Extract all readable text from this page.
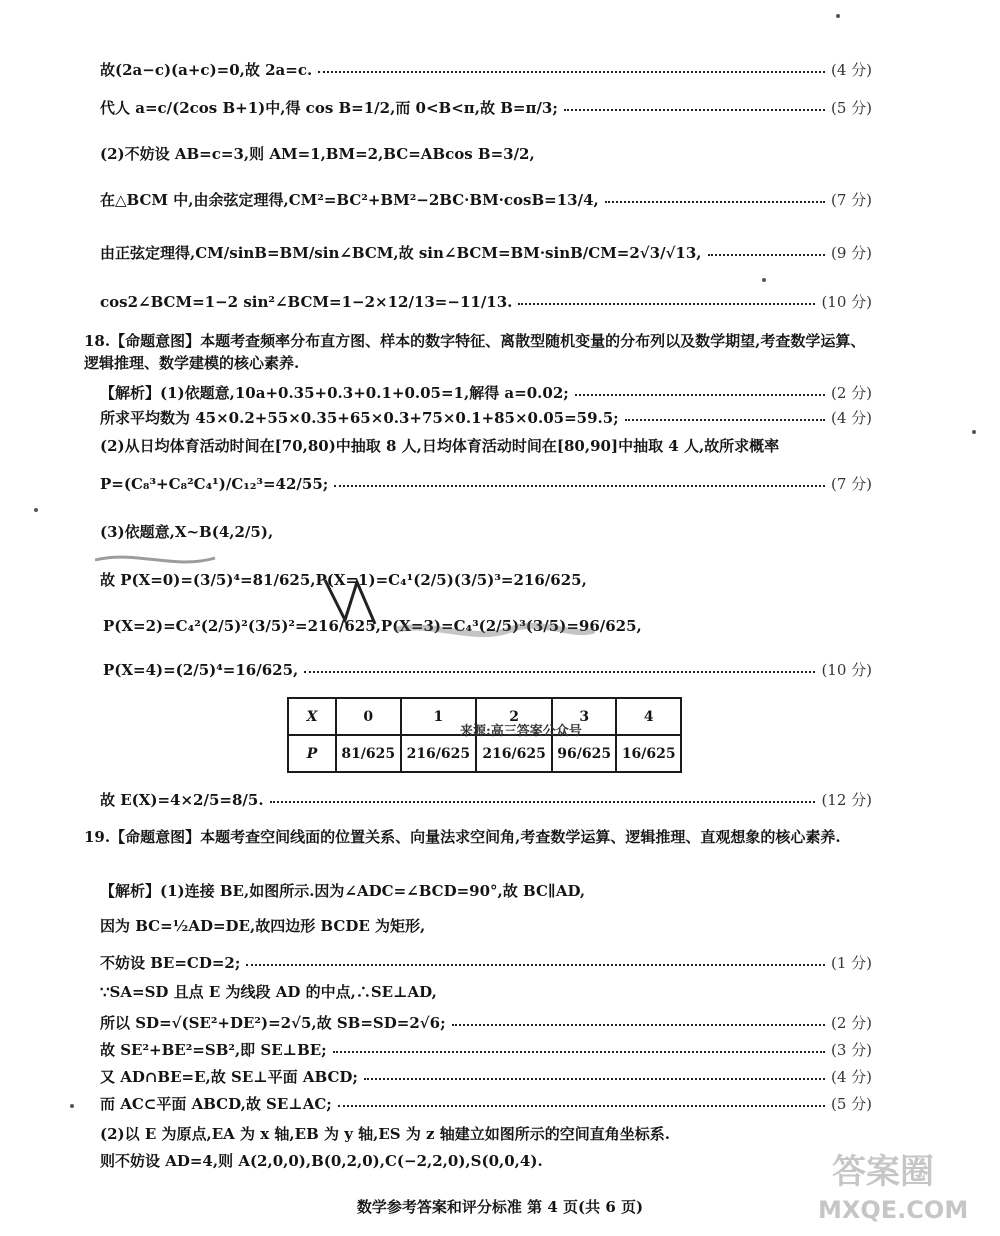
故(2a−c)(a+c)=0,故 2a=c.	(4 分)
代人 a=c/(2cos B+1)中,得 cos B=1/2,而 0<B<π,故 B=π/3;	(5 分)
(2)不妨设 AB=c=3,则 AM=1,BM=2,BC=ABcos B=3/2,
在△BCM 中,由余弦定理得,CM²=BC²+BM²−2BC·BM·cosB=13/4,	(7 分)
由正弦定理得,CM/sinB=BM/sin∠BCM,故 sin∠BCM=BM·sinB/CM=2√3/√13,	(9 分)
cos2∠BCM=1−2 sin²∠BCM=1−2×12/13=−11/13.	(10 分)
18.【命题意图】本题考查频率分布直方图、样本的数字特征、离散型随机变量的分布列以及数学期望,考查数学运算、逻辑推理、数学建模的核心素养.
【解析】(1)依题意,10a+0.35+0.3+0.1+0.05=1,解得 a=0.02;	(2 分)
所求平均数为 45×0.2+55×0.35+65×0.3+75×0.1+85×0.05=59.5;	(4 分)
(2)从日均体育活动时间在[70,80)中抽取 8 人,日均体育活动时间在[80,90]中抽取 4 人,故所求概率
P=(C₈³+C₈²C₄¹)/C₁₂³=42/55;	(7 分)
(3)依题意,X~B(4,2/5),
故 P(X=0)=(3/5)⁴=81/625,P(X=1)=C₄¹(2/5)(3/5)³=216/625,
P(X=2)=C₄²(2/5)²(3/5)²=216/625,P(X=3)=C₄³(2/5)³(3/5)=96/625,
P(X=4)=(2/5)⁴=16/625,	(10 分)
X	0	1	2	3	4
P	81/625	216/625	216/625	96/625	16/625
来源:高三答案公众号
故 E(X)=4×2/5=8/5.	(12 分)
19.【命题意图】本题考查空间线面的位置关系、向量法求空间角,考查数学运算、逻辑推理、直观想象的核心素养.
【解析】(1)连接 BE,如图所示.因为∠ADC=∠BCD=90°,故 BC∥AD,
因为 BC=½AD=DE,故四边形 BCDE 为矩形,
不妨设 BE=CD=2;	(1 分)
∵SA=SD 且点 E 为线段 AD 的中点,∴SE⊥AD,
所以 SD=√(SE²+DE²)=2√5,故 SB=SD=2√6;	(2 分)
故 SE²+BE²=SB²,即 SE⊥BE;	(3 分)
又 AD∩BE=E,故 SE⊥平面 ABCD;	(4 分)
而 AC⊂平面 ABCD,故 SE⊥AC;	(5 分)
(2)以 E 为原点,EA 为 x 轴,EB 为 y 轴,ES 为 z 轴建立如图所示的空间直角坐标系.
则不妨设 AD=4,则 A(2,0,0),B(0,2,0),C(−2,2,0),S(0,0,4).
数学参考答案和评分标准 第 4 页(共 6 页)
答案圈
MXQE.COM
